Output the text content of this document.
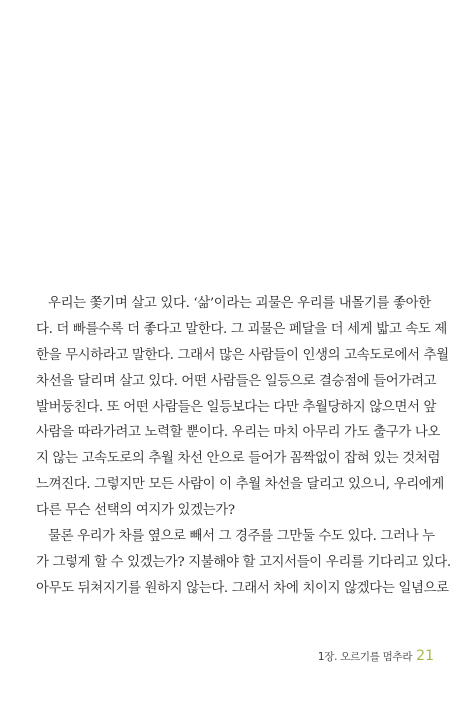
우리는 쫓기며 살고 있다. ‘삶’이라는 괴물은 우리를 내몰기를 좋아한
다. 더 빠를수록 더 좋다고 말한다. 그 괴물은 페달을 더 세게 밟고 속도 제
한을 무시하라고 말한다. 그래서 많은 사람들이 인생의 고속도로에서 추월
차선을 달리며 살고 있다. 어떤 사람들은 일등으로 결승점에 들어가려고
발버둥친다. 또 어떤 사람들은 일등보다는 다만 추월당하지 않으면서 앞
사람을 따라가려고 노력할 뿐이다. 우리는 마치 아무리 가도 출구가 나오
지 않는 고속도로의 추월 차선 안으로 들어가 꼼짝없이 잡혀 있는 것처럼
느껴진다. 그렇지만 모든 사람이 이 추월 차선을 달리고 있으니, 우리에게
다른 무슨 선택의 여지가 있겠는가?
물론 우리가 차를 옆으로 빼서 그 경주를 그만둘 수도 있다. 그러나 누
가 그렇게 할 수 있겠는가? 지불해야 할 고지서들이 우리를 기다리고 있다.
아무도 뒤쳐지기를 원하지 않는다. 그래서 차에 치이지 않겠다는 일념으로
1장. 오르기를 멈추라 21
